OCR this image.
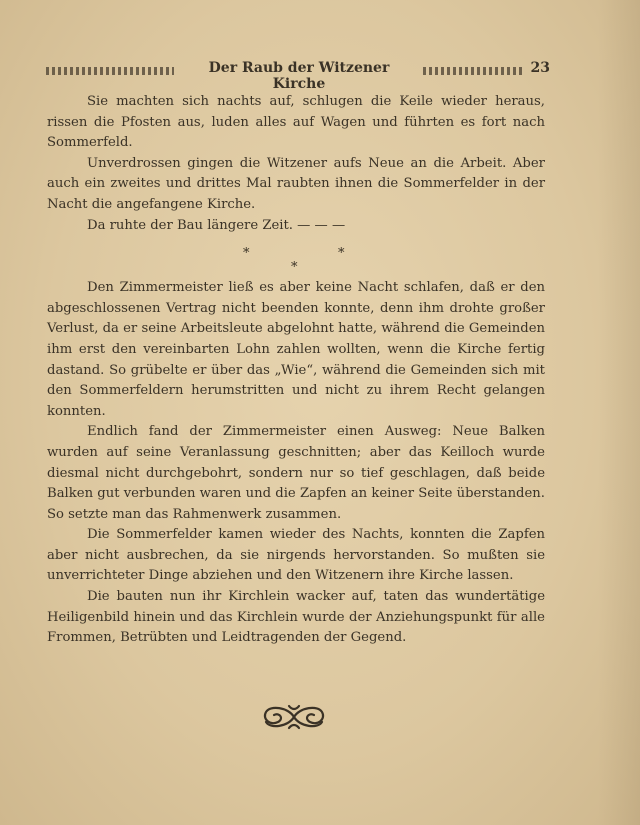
Der Raub der Witzener Kirche
23

Sie machten sich nachts auf, schlugen die Keile wieder heraus, rissen die Pfosten aus, luden alles auf Wagen und führten es fort nach Sommerfeld.

Unverdrossen gingen die Witzener aufs Neue an die Arbeit. Aber auch ein zweites und drittes Mal raubten ihnen die Sommerfelder in der Nacht die angefangene Kirche.

Da ruhte der Bau längere Zeit. — — —

*	*
*

Den Zimmermeister ließ es aber keine Nacht schlafen, daß er den abgeschlossenen Vertrag nicht beenden konnte, denn ihm drohte großer Verlust, da er seine Arbeitsleute abgelohnt hatte, während die Gemeinden ihm erst den vereinbarten Lohn zahlen wollten, wenn die Kirche fertig dastand. So grübelte er über das „Wie“, während die Gemeinden sich mit den Sommerfeldern herumstritten und nicht zu ihrem Recht gelangen konnten.

Endlich fand der Zimmermeister einen Ausweg: Neue Balken wurden auf seine Veranlassung geschnitten; aber das Keilloch wurde diesmal nicht durchgebohrt, sondern nur so tief geschlagen, daß beide Balken gut verbunden waren und die Zapfen an keiner Seite überstanden. So setzte man das Rahmenwerk zusammen.

Die Sommerfelder kamen wieder des Nachts, konnten die Zapfen aber nicht ausbrechen, da sie nirgends hervorstanden. So mußten sie unverrichteter Dinge abziehen und den Witzenern ihre Kirche lassen.

Die bauten nun ihr Kirchlein wacker auf, taten das wundertätige Heiligenbild hinein und das Kirchlein wurde der Anziehungspunkt für alle Frommen, Betrübten und Leidtragenden der Gegend.
